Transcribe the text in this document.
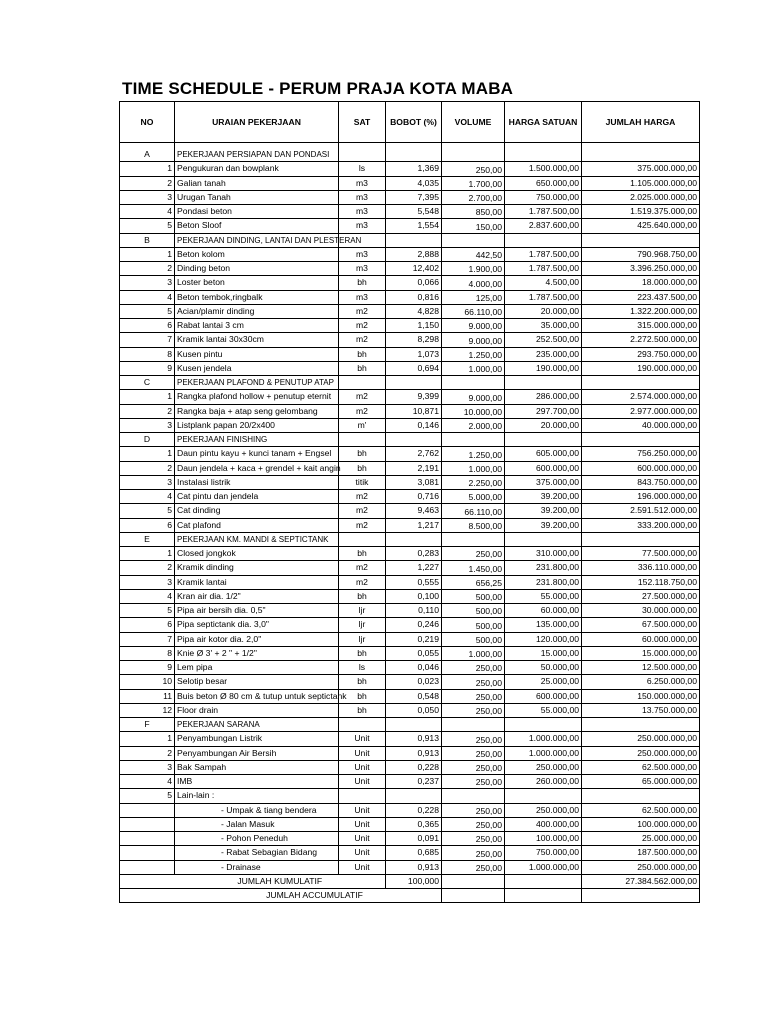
TIME SCHEDULE - PERUM PRAJA KOTA MABA
NO	URAIAN PEKERJAAN	SAT	BOBOT (%)	VOLUME	HARGA SATUAN	JUMLAH HARGA

A	PEKERJAAN PERSIAPAN DAN PONDASI					
1	Pengukuran dan bowplank	ls	1,369	250,00	1.500.000,00	375.000.000,00
2	Galian tanah	m3	4,035	1.700,00	650.000,00	1.105.000.000,00
3	Urugan Tanah	m3	7,395	2.700,00	750.000,00	2.025.000.000,00
4	Pondasi beton	m3	5,548	850,00	1.787.500,00	1.519.375.000,00
5	Beton Sloof	m3	1,554	150,00	2.837.600,00	425.640.000,00
B	PEKERJAAN DINDING, LANTAI DAN PLESTERAN					
1	Beton kolom	m3	2,888	442,50	1.787.500,00	790.968.750,00
2	Dinding beton	m3	12,402	1.900,00	1.787.500,00	3.396.250.000,00
3	Loster beton	bh	0,066	4.000,00	4.500,00	18.000.000,00
4	Beton tembok,ringbalk	m3	0,816	125,00	1.787.500,00	223.437.500,00
5	Acian/plamir dinding	m2	4,828	66.110,00	20.000,00	1.322.200.000,00
6	Rabat lantai 3 cm	m2	1,150	9.000,00	35.000,00	315.000.000,00
7	Kramik lantai 30x30cm	m2	8,298	9.000,00	252.500,00	2.272.500.000,00
8	Kusen pintu	bh	1,073	1.250,00	235.000,00	293.750.000,00
9	Kusen jendela	bh	0,694	1.000,00	190.000,00	190.000.000,00
C	PEKERJAAN PLAFOND & PENUTUP ATAP					
1	Rangka plafond hollow + penutup eternit	m2	9,399	9.000,00	286.000,00	2.574.000.000,00
2	Rangka baja + atap seng gelombang	m2	10,871	10.000,00	297.700,00	2.977.000.000,00
3	Listplank papan 20/2x400	m'	0,146	2.000,00	20.000,00	40.000.000,00
D	PEKERJAAN FINISHING					
1	Daun pintu kayu + kunci tanam + Engsel	bh	2,762	1.250,00	605.000,00	756.250.000,00
2	Daun jendela + kaca + grendel + kait angin	bh	2,191	1.000,00	600.000,00	600.000.000,00
3	Instalasi listrik	titik	3,081	2.250,00	375.000,00	843.750.000,00
4	Cat pintu dan jendela	m2	0,716	5.000,00	39.200,00	196.000.000,00
5	Cat dinding	m2	9,463	66.110,00	39.200,00	2.591.512.000,00
6	Cat plafond	m2	1,217	8.500,00	39.200,00	333.200.000,00
E	PEKERJAAN KM. MANDI & SEPTICTANK					
1	Closed jongkok	bh	0,283	250,00	310.000,00	77.500.000,00
2	Kramik dinding	m2	1,227	1.450,00	231.800,00	336.110.000,00
3	Kramik lantai	m2	0,555	656,25	231.800,00	152.118.750,00
4	Kran air dia. 1/2"	bh	0,100	500,00	55.000,00	27.500.000,00
5	Pipa air bersih dia. 0,5"	ljr	0,110	500,00	60.000,00	30.000.000,00
6	Pipa septictank dia. 3,0"	ljr	0,246	500,00	135.000,00	67.500.000,00
7	Pipa air kotor dia. 2,0"	ljr	0,219	500,00	120.000,00	60.000.000,00
8	Knie Ø 3' + 2 " + 1/2"	bh	0,055	1.000,00	15.000,00	15.000.000,00
9	Lem pipa	ls	0,046	250,00	50.000,00	12.500.000,00
10	Selotip besar	bh	0,023	250,00	25.000,00	6.250.000,00
11	Buis beton Ø 80 cm & tutup untuk septictank	bh	0,548	250,00	600.000,00	150.000.000,00
12	Floor drain	bh	0,050	250,00	55.000,00	13.750.000,00
F	PEKERJAAN SARANA					
1	Penyambungan Listrik	Unit	0,913	250,00	1.000.000,00	250.000.000,00
2	Penyambungan Air Bersih	Unit	0,913	250,00	1.000.000,00	250.000.000,00
3	Bak Sampah	Unit	0,228	250,00	250.000,00	62.500.000,00
4	IMB	Unit	0,237	250,00	260.000,00	65.000.000,00
5	Lain-lain :					
	- Umpak & tiang bendera	Unit	0,228	250,00	250.000,00	62.500.000,00
	- Jalan Masuk	Unit	0,365	250,00	400.000,00	100.000.000,00
	- Pohon Peneduh	Unit	0,091	250,00	100.000,00	25.000.000,00
	- Rabat Sebagian Bidang	Unit	0,685	250,00	750.000,00	187.500.000,00
	- Drainase	Unit	0,913	250,00	1.000.000,00	250.000.000,00
	JUMLAH KUMULATIF		100,000			27.384.562.000,00
JUMLAH ACCUMULATIF						
